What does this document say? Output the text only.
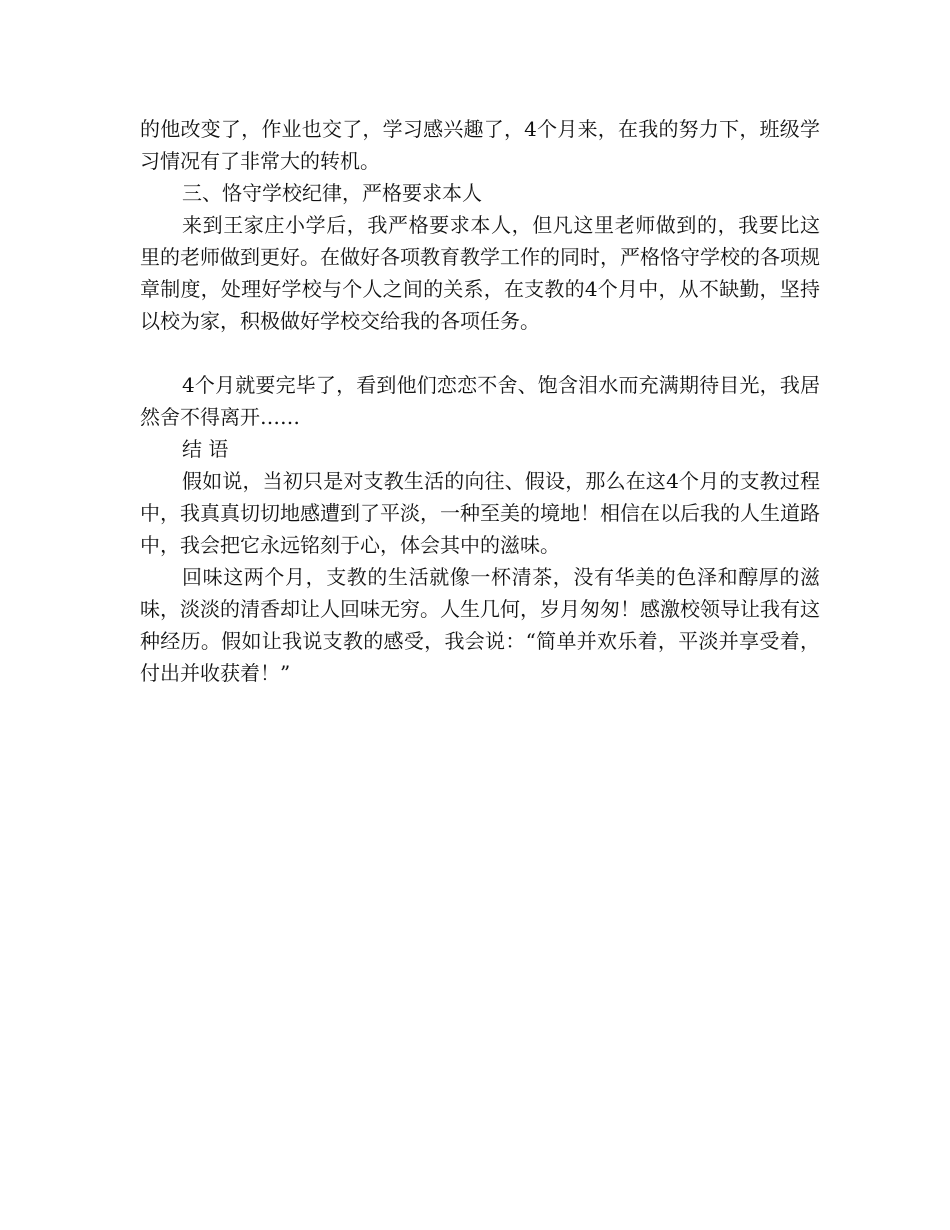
的他改变了，作业也交了，学习感兴趣了，4个月来，在我的努力下，班级学习情况有了非常大的转机。

三、恪守学校纪律，严格要求本人

来到王家庄小学后，我严格要求本人，但凡这里老师做到的，我要比这里的老师做到更好。在做好各项教育教学工作的同时，严格恪守学校的各项规章制度，处理好学校与个人之间的关系，在支教的4个月中，从不缺勤，坚持以校为家，积极做好学校交给我的各项任务。

4个月就要完毕了，看到他们恋恋不舍、饱含泪水而充满期待目光，我居然舍不得离开……

结 语

假如说，当初只是对支教生活的向往、假设，那么在这4个月的支教过程中，我真真切切地感遭到了平淡，一种至美的境地！相信在以后我的人生道路中，我会把它永远铭刻于心，体会其中的滋味。

回味这两个月，支教的生活就像一杯清茶，没有华美的色泽和醇厚的滋味，淡淡的清香却让人回味无穷。人生几何，岁月匆匆！感激校领导让我有这种经历。假如让我说支教的感受，我会说：“简单并欢乐着，平淡并享受着，付出并收获着！”
